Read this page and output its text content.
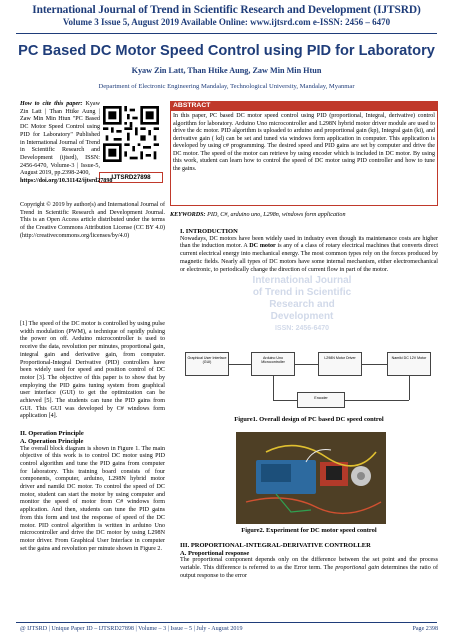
International Journal of Trend in Scientific Research and Development (IJTSRD)
Volume 3 Issue 5, August 2019 Available Online: www.ijtsrd.com e-ISSN: 2456 – 6470
PC Based DC Motor Speed Control using PID for Laboratory
Kyaw Zin Latt, Than Htike Aung, Zaw Min Min Htun
Department of Electronic Engineering Mandalay, Technological University, Mandalay, Myanmar
International Journal
of Trend in Scientific
Research and
Development
ISSN: 2456-6470
How to cite this paper: Kyaw Zin Latt | Than Htike Aung | Zaw Min Min Htun "PC Based DC Motor Speed Control using PID for Laboratory" Published in International Journal of Trend in Scientific Research and Development (ijtsrd), ISSN: 2456-6470, Volume-3 | Issue-5, August 2019, pp.2398-2400,
IJTSRD27898
https://doi.org/10.31142/ijtsrd27898
ABSTRACT
In this paper, PC based DC motor speed control using PID (proportional, Integral, derivative) control algorithm for laboratory. Arduino Uno microcontroller and L298N hybrid motor driver module are used to drive the dc motor. PID algorithm is uploaded to arduino and proportional gain (kp), Integral gain (ki), and derivative gain ( kd) can be set and tuned via windows form application in computer. This application is developed by using c# programming. The desired speed and PID gains are set by computer and drive the DC motor. The speed of the motor can retrieve by using encoder which is included in DC motor. By using this work, student can learn how to control the speed of DC motor using PID controller and how to tune the gains.
KEYWORDS: PID, C#, arduino uno, L298n, windows form application
Copyright © 2019 by author(s) and International Journal of Trend in Scientific Research and Development Journal. This is an Open Access article distributed under the terms of the Creative Commons Attribution License (CC BY 4.0) (http://creativecommons.org/licenses/by/4.0)

[1] The speed of the DC motor is controlled by using pulse width modulation (PWM), a technique of rapidly pulsing the power on off. Arduino microcontroller is used to receive the data, revolution per minutes, proportional gain, integral gain and derivative gain, from computer. Proportional-Integral Derivative (PID) controllers have been widely used for speed and position control of DC motor [3]. The objective of this paper is to show that by employing the PID gains tuning system from graphical user interface (GUI) to get the optimization can be achieved [5]. The students can tune the PID gains from GUI. This GUI was developed by C# windows form application [4].

II. Operation Principle

A. Operation Principle

The overall block diagram is shown in Figure 1. The main objective of this work is to control DC motor using PID control algorithm and tune the PID gains from computer for laboratory. This training board consists of four components, computer, arduino, L298N hybrid motor driver and namiki DC motor. To control the speed of DC motor, student can start the motor by using computer and monitor the speed of motor from C# windows form application. And then, students can tune the PID gains from this form and test the response of speed of the DC motor. PID control algorithm is written in arduino Uno microcontroller and drive the DC motor by using L298N motor driver. From Graphical User Interface in computer set the gains and revolution per minute shown in Figure 2.

I. INTRODUCTION

Nowadays, DC motors have been widely used in industry even though its maintenance costs are higher than the induction motor. A DC motor is any of a class of rotary electrical machines that converts direct current electrical energy into mechanical energy. The most common types rely on the forces produced by magnetic fields. Nearly all types of DC motors have some internal mechanism, either electromechanical or electronic, to periodically change the direction of current flow in part of the motor.

Graphical User Interface (GUI)
Arduino Uno Microcontroller
L298N Motor Driver	Namiki DC 12V Motor
Encoder
Figure1. Overall design of PC based DC speed control
Figure2. Experiment for DC motor speed control

III. PROPORTIONAL-INTEGRAL-DERIVATIVE CONTROLLER

A. Proportional response

The proportional component depends only on the difference between the set point and the process variable. This difference is referred to as the Error term. The proportional gain determines the ratio of output response to the error

@ IJTSRD | Unique Paper ID – IJTSRD27898 | Volume – 3 | Issue – 5 | July - August 2019	Page 2398
